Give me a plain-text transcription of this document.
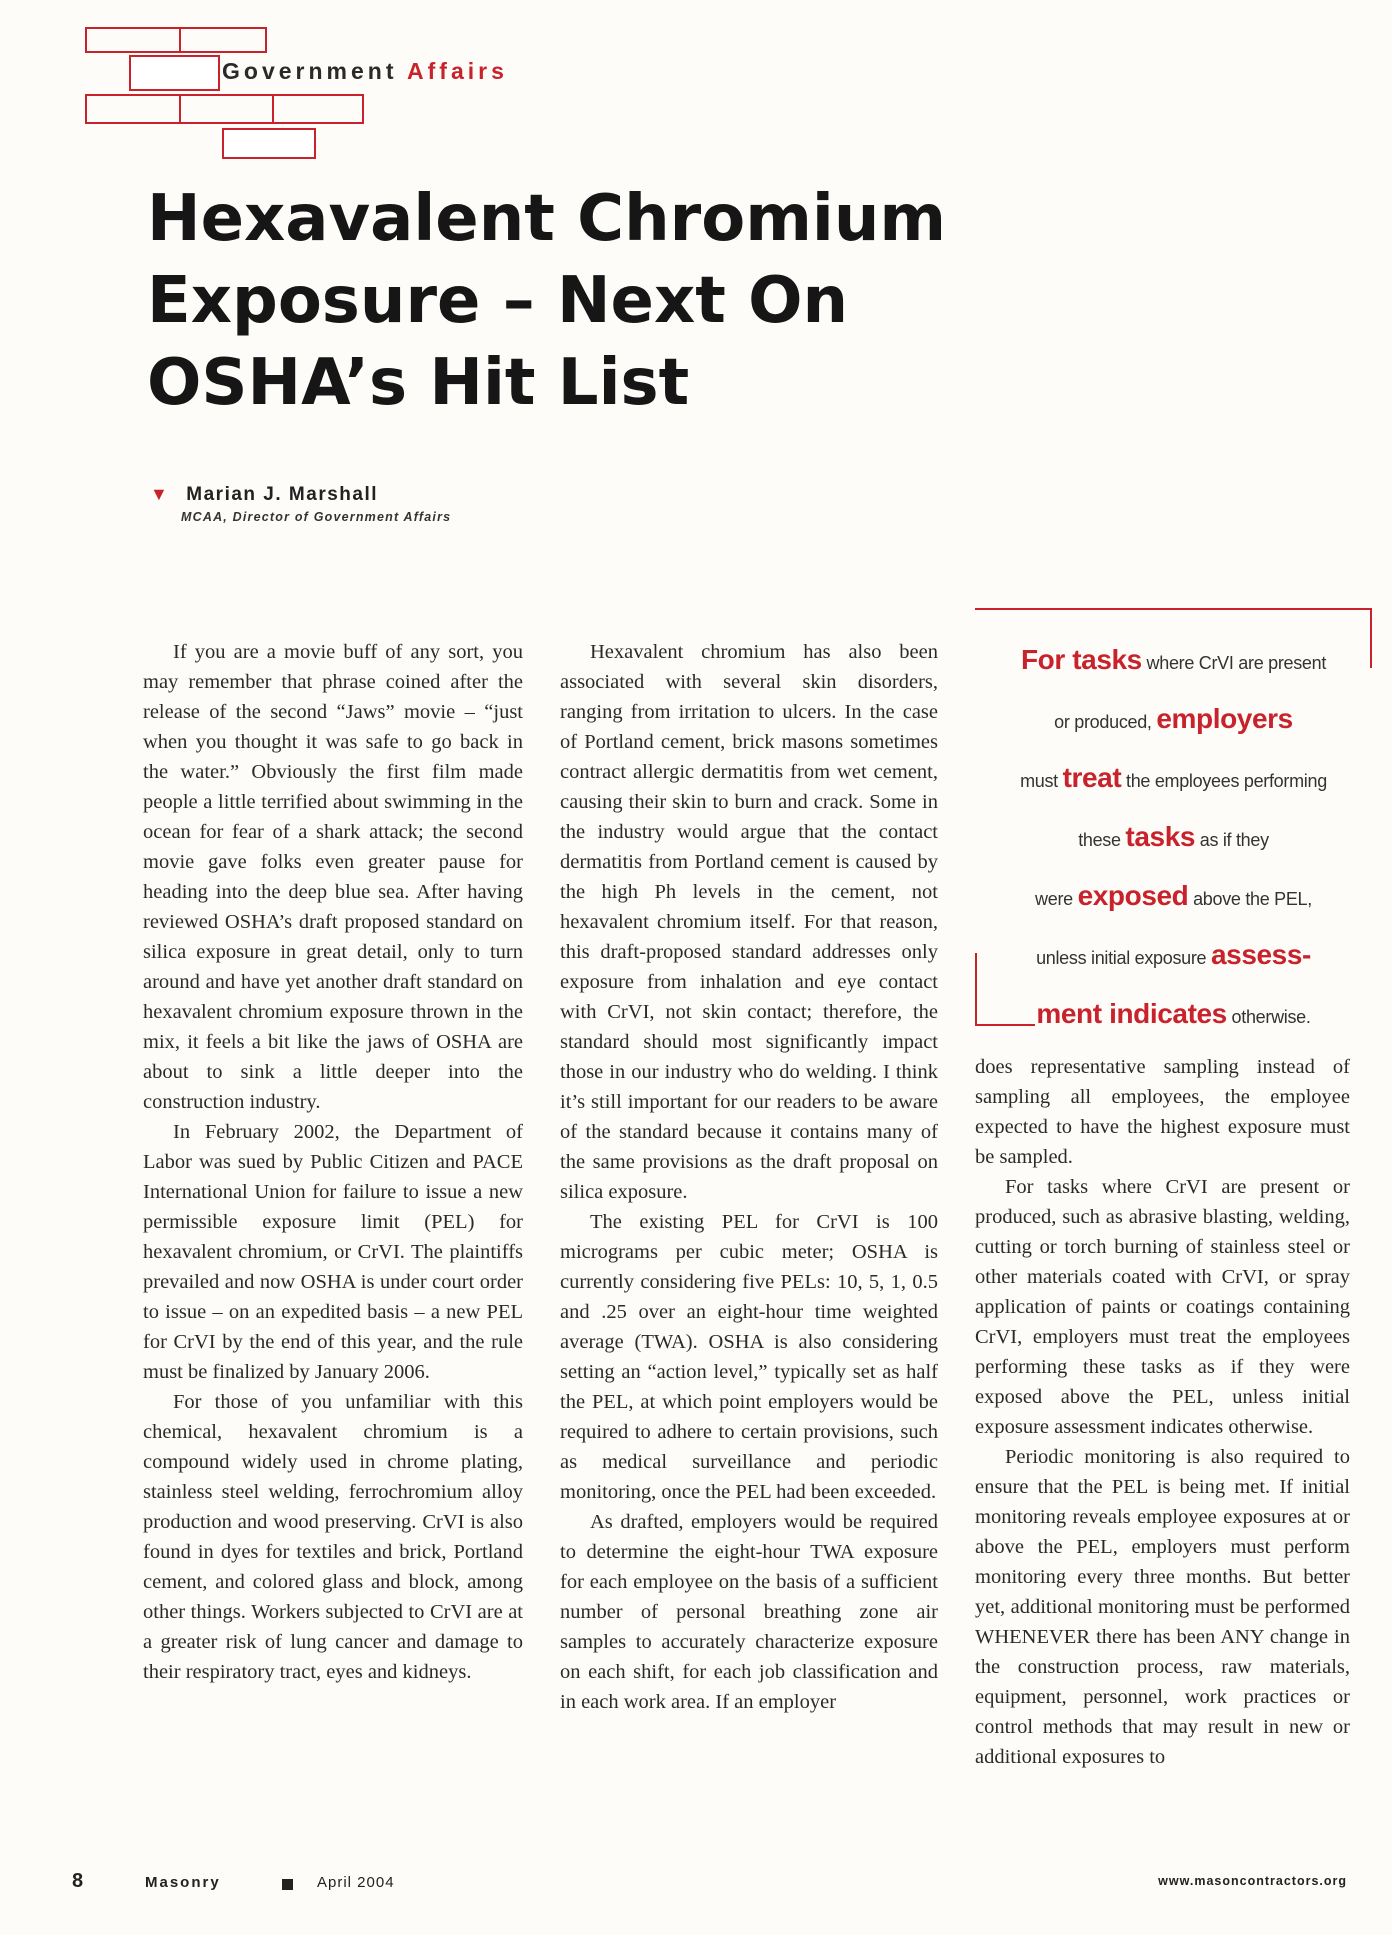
Government Affairs
Hexavalent Chromium
Exposure – Next On
OSHA’s Hit List
▼ Marian J. Marshall
MCAA, Director of Government Affairs

If you are a movie buff of any sort, you may remember that phrase coined after the release of the second “Jaws” movie – “just when you thought it was safe to go back in the water.” Obviously the first film made people a little terrified about swimming in the ocean for fear of a shark attack; the second movie gave folks even greater pause for heading into the deep blue sea. After having reviewed OSHA’s draft proposed standard on silica exposure in great detail, only to turn around and have yet another draft standard on hexavalent chromium exposure thrown in the mix, it feels a bit like the jaws of OSHA are about to sink a little deeper into the construction industry.

In February 2002, the Department of Labor was sued by Public Citizen and PACE International Union for failure to issue a new permissible exposure limit (PEL) for hexavalent chromium, or CrVI. The plaintiffs prevailed and now OSHA is under court order to issue – on an expedited basis – a new PEL for CrVI by the end of this year, and the rule must be finalized by January 2006.

For those of you unfamiliar with this chemical, hexavalent chromium is a compound widely used in chrome plating, stainless steel welding, ferrochromium alloy production and wood preserving. CrVI is also found in dyes for textiles and brick, Portland cement, and colored glass and block, among other things. Workers subjected to CrVI are at a greater risk of lung cancer and damage to their respiratory tract, eyes and kidneys.

Hexavalent chromium has also been associated with several skin disorders, ranging from irritation to ulcers. In the case of Portland cement, brick masons sometimes contract allergic dermatitis from wet cement, causing their skin to burn and crack. Some in the industry would argue that the contact dermatitis from Portland cement is caused by the high Ph levels in the cement, not hexavalent chromium itself. For that reason, this draft-proposed standard addresses only exposure from inhalation and eye contact with CrVI, not skin contact; therefore, the standard should most significantly impact those in our industry who do welding. I think it’s still important for our readers to be aware of the standard because it contains many of the same provisions as the draft proposal on silica exposure.

The existing PEL for CrVI is 100 micrograms per cubic meter; OSHA is currently considering five PELs: 10, 5, 1, 0.5 and .25 over an eight-hour time weighted average (TWA). OSHA is also considering setting an “action level,” typically set as half the PEL, at which point employers would be required to adhere to certain provisions, such as medical surveillance and periodic monitoring, once the PEL had been exceeded.

As drafted, employers would be required to determine the eight-hour TWA exposure for each employee on the basis of a sufficient number of personal breathing zone air samples to accurately characterize exposure on each shift, for each job classification and in each work area. If an employer

For tasks where CrVI are present
or produced, employers
must treat the employees performing
these tasks as if they
were exposed above the PEL,
unless initial exposure assess-
ment indicates otherwise.

does representative sampling instead of sampling all employees, the employee expected to have the highest exposure must be sampled.

For tasks where CrVI are present or produced, such as abrasive blasting, welding, cutting or torch burning of stainless steel or other materials coated with CrVI, or spray application of paints or coatings containing CrVI, employers must treat the employees performing these tasks as if they were exposed above the PEL, unless initial exposure assessment indicates otherwise.

Periodic monitoring is also required to ensure that the PEL is being met. If initial monitoring reveals employee exposures at or above the PEL, employers must perform monitoring every three months. But better yet, additional monitoring must be performed WHENEVER there has been ANY change in the construction process, raw materials, equipment, personnel, work practices or control methods that may result in new or additional exposures to

8	Masonry	April 2004	www.masoncontractors.org
